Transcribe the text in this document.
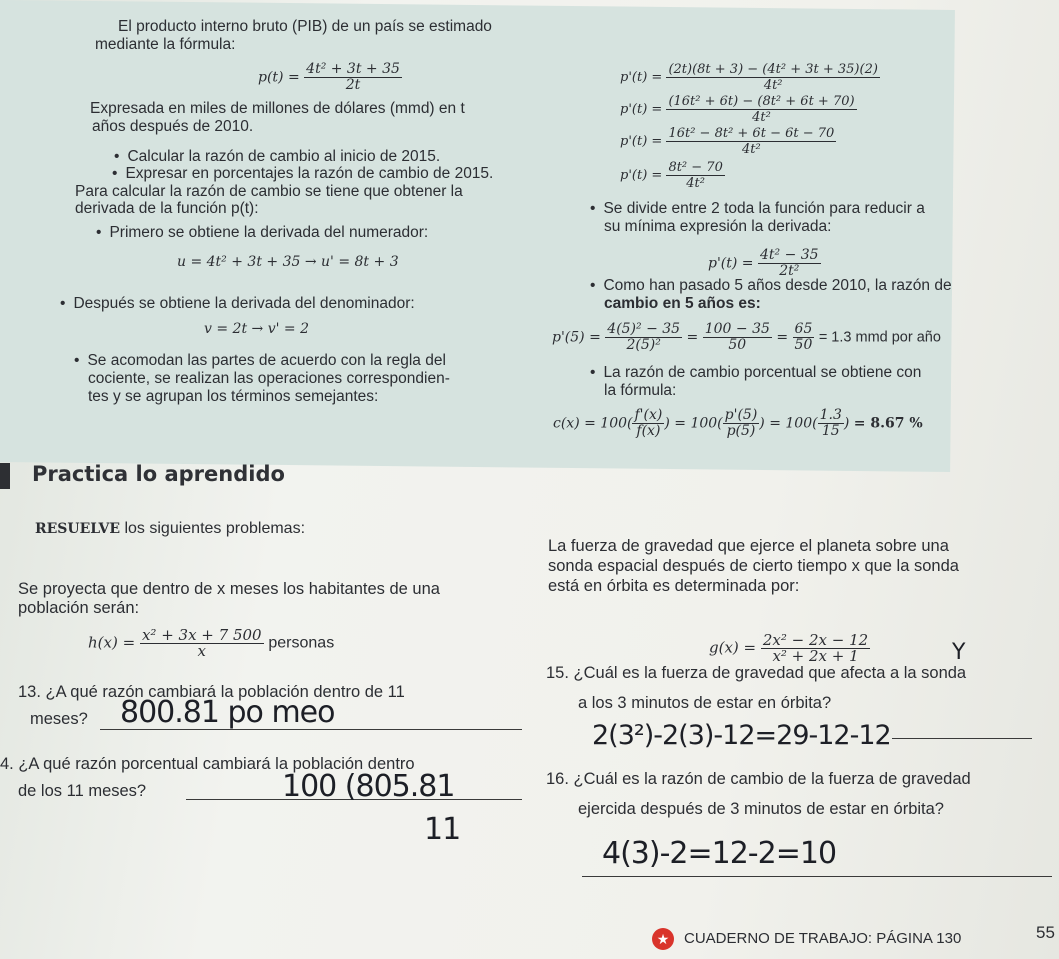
El producto interno bruto (PIB) de un país se estimado
mediante la fórmula:
$p(t) = \frac{\text{4t² + 3t + 35}}{2t}$
Expresada en miles de millones de dólares (mmd) en t
años después de 2010.
• Calcular la razón de cambio al inicio de 2015.
• Expresar en porcentajes la razón de cambio de 2015.
Para calcular la razón de cambio se tiene que obtener la
derivada de la función p(t):
• Primero se obtiene la derivada del numerador:
u = 4t² + 3t + 35 → u' = 8t + 3
• Después se obtiene la derivada del denominador:
v = 2t → v' = 2
• Se acomodan las partes de acuerdo con la regla del
cociente, se realizan las operaciones correspondien-
tes y se agrupan los términos semejantes:
$p'(t) = \frac{\text{(2t)(8t + 3) − (4t² + 3t + 35)(2)}}{\text{4t²}}$
$p'(t) = \frac{\text{(16t² + 6t) − (8t² + 6t + 70)}}{\text{4t²}}$
$p'(t) = \frac{\text{16t² − 8t² + 6t − 6t − 70}}{\text{4t²}}$
$p'(t) = \frac{\text{8t² − 70}}{\text{4t²}}$
• Se divide entre 2 toda la función para reducir a
su mínima expresión la derivada:
$p'(t) = \frac{\text{4t² − 35}}{\text{2t²}}$
• Como han pasado 5 años desde 2010, la razón de
cambio en 5 años es:
$p'(5) = \frac{\text{4(5)² − 35}}{\text{2(5)²}} = \frac{100 - 35}{50} = \frac{65}{50} = 1.3$ mmd por año
• La razón de cambio porcentual se obtiene con
la fórmula:
$c(x) = 100( \frac{f'(x)}{f(x)}$ ) = $100( \frac{p'(5)}{p(5)}$ ) = $100( \frac{1.3}{15}$ ) = 8.67 %
Practica lo aprendido
RESUELVE los siguientes problemas:
Se proyecta que dentro de x meses los habitantes de una
población serán:
$h(x) = \frac{\text{x² + 3x + 7 500}}{x}$ personas
13. ¿A qué razón cambiará la población dentro de 11
meses? 800.81 po meo
4. ¿A qué razón porcentual cambiará la población dentro
de los 11 meses?	100 (805.81
11
La fuerza de gravedad que ejerce el planeta sobre una
sonda espacial después de cierto tiempo x que la sonda
está en órbita es determinada por:
$g(x) = \frac{\text{2x² − 2x − 12}}{\text{x² + 2x + 1}}$	Y
15. ¿Cuál es la fuerza de gravedad que afecta a la sonda
a los 3 minutos de estar en órbita?
2(3²)-2(3)-12=29-12-12
16. ¿Cuál es la razón de cambio de la fuerza de gravedad
ejercida después de 3 minutos de estar en órbita?
4(3)-2=12-2=10
★ CUADERNO DE TRABAJO: PÁGINA 130	55
